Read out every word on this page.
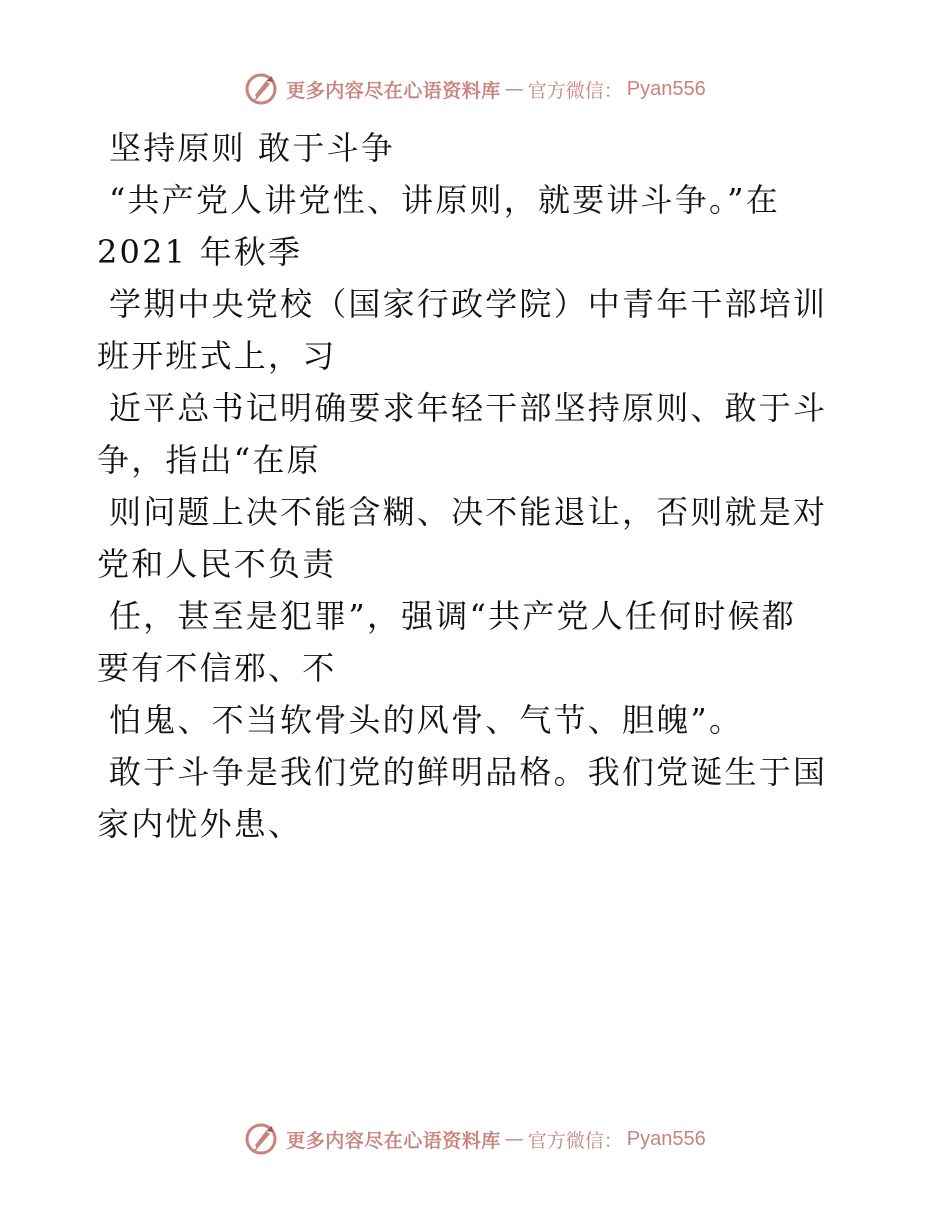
更多内容尽在心语资料库 — 官方微信： Pyan556
坚持原则 敢于斗争
“共产党人讲党性、讲原则，就要讲斗争。”在
2021 年秋季
学期中央党校（国家行政学院）中青年干部培训
班开班式上，习
近平总书记明确要求年轻干部坚持原则、敢于斗
争，指出“在原
则问题上决不能含糊、决不能退让，否则就是对
党和人民不负责
任，甚至是犯罪”，强调“共产党人任何时候都
要有不信邪、不
怕鬼、不当软骨头的风骨、气节、胆魄”。
敢于斗争是我们党的鲜明品格。我们党诞生于国
家内忧外患、
更多内容尽在心语资料库 — 官方微信： Pyan556
